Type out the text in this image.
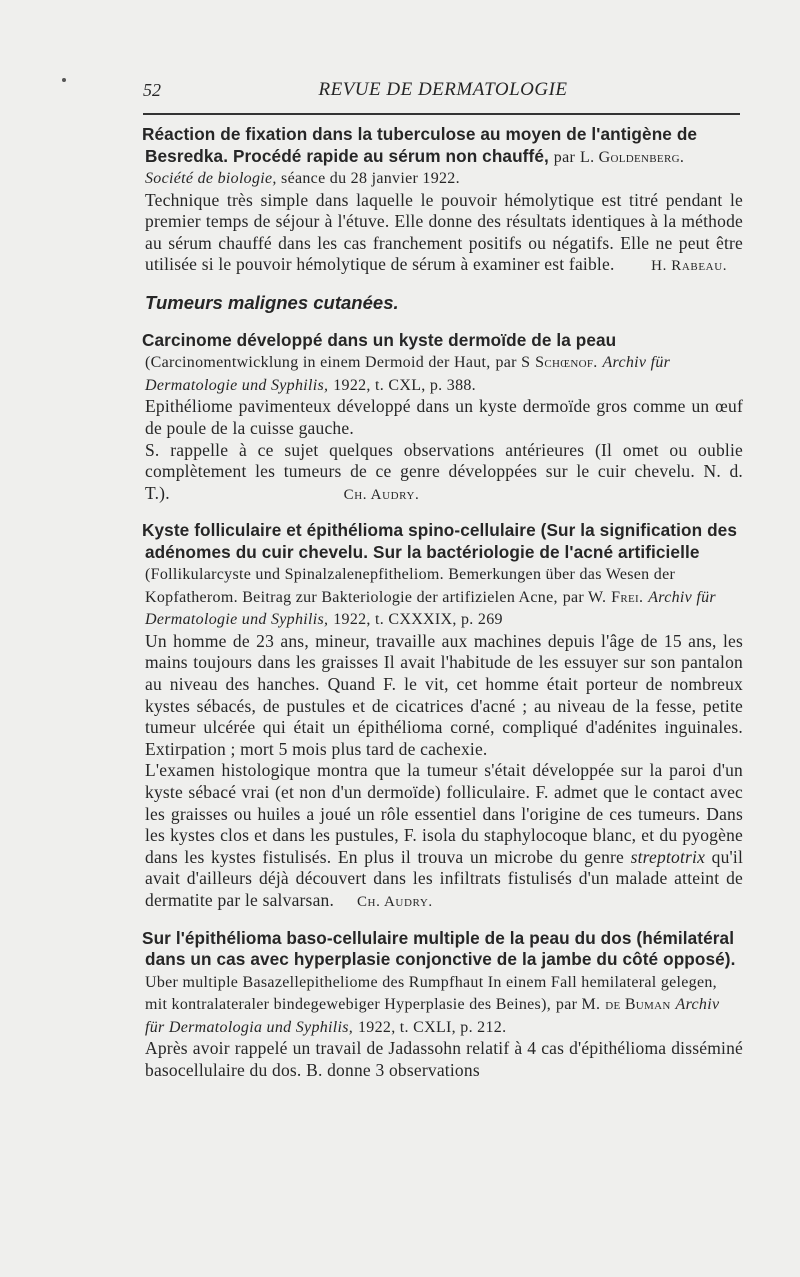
52	REVUE DE DERMATOLOGIE

Réaction de fixation dans la tuberculose au moyen de l'antigène de Besredka. Procédé rapide au sérum non chauffé, par L. Goldenberg.

Société de biologie, séance du 28 janvier 1922.

Technique très simple dans laquelle le pouvoir hémolytique est titré pendant le premier temps de séjour à l'étuve. Elle donne des résultats identiques à la méthode au sérum chauffé dans les cas franchement positifs ou négatifs. Elle ne peut être utilisée si le pouvoir hémolytique de sérum à examiner est faible. H. Rabeau.

Tumeurs malignes cutanées.

Carcinome développé dans un kyste dermoïde de la peau (Carcinomentwicklung in einem Dermoid der Haut, par S Schœnof. Archiv für Dermatologie und Syphilis, 1922, t. CXL, p. 388.

Epithéliome pavimenteux développé dans un kyste dermoïde gros comme un œuf de poule de la cuisse gauche.

S. rappelle à ce sujet quelques observations antérieures (Il omet ou oublie complètement les tumeurs de ce genre développées sur le cuir chevelu. N. d. T.).	Ch. Audry.

Kyste folliculaire et épithélioma spino-cellulaire (Sur la signification des adénomes du cuir chevelu. Sur la bactériologie de l'acné artificielle (Follikularcyste und Spinalzalenepfitheliom. Bemerkungen über das Wesen der Kopfatherom. Beitrag zur Bakteriologie der artifizielen Acne, par W. Frei. Archiv für Dermatologie und Syphilis, 1922, t. CXXXIX, p. 269

Un homme de 23 ans, mineur, travaille aux machines depuis l'âge de 15 ans, les mains toujours dans les graisses Il avait l'habitude de les essuyer sur son pantalon au niveau des hanches. Quand F. le vit, cet homme était porteur de nombreux kystes sébacés, de pustules et de cicatrices d'acné ; au niveau de la fesse, petite tumeur ulcérée qui était un épithélioma corné, compliqué d'adénites inguinales. Extirpation ; mort 5 mois plus tard de cachexie.

L'examen histologique montra que la tumeur s'était développée sur la paroi d'un kyste sébacé vrai (et non d'un dermoïde) folliculaire. F. admet que le contact avec les graisses ou huiles a joué un rôle essentiel dans l'origine de ces tumeurs. Dans les kystes clos et dans les pustules, F. isola du staphylocoque blanc, et du pyogène dans les kystes fistulisés. En plus il trouva un microbe du genre streptotrix qu'il avait d'ailleurs déjà découvert dans les infiltrats fistulisés d'un malade atteint de dermatite par le salvarsan. Ch. Audry.

Sur l'épithélioma baso-cellulaire multiple de la peau du dos (hémilatéral dans un cas avec hyperplasie conjonctive de la jambe du côté opposé). Uber multiple Basazellepitheliome des Rumpfhaut In einem Fall hemilateral gelegen, mit kontralateraler bindegewebiger Hyperplasie des Beines), par M. de Buman Archiv für Dermatologia und Syphilis, 1922, t. CXLI, p. 212.

Après avoir rappelé un travail de Jadassohn relatif à 4 cas d'épithélioma disséminé basocellulaire du dos. B. donne 3 observations
